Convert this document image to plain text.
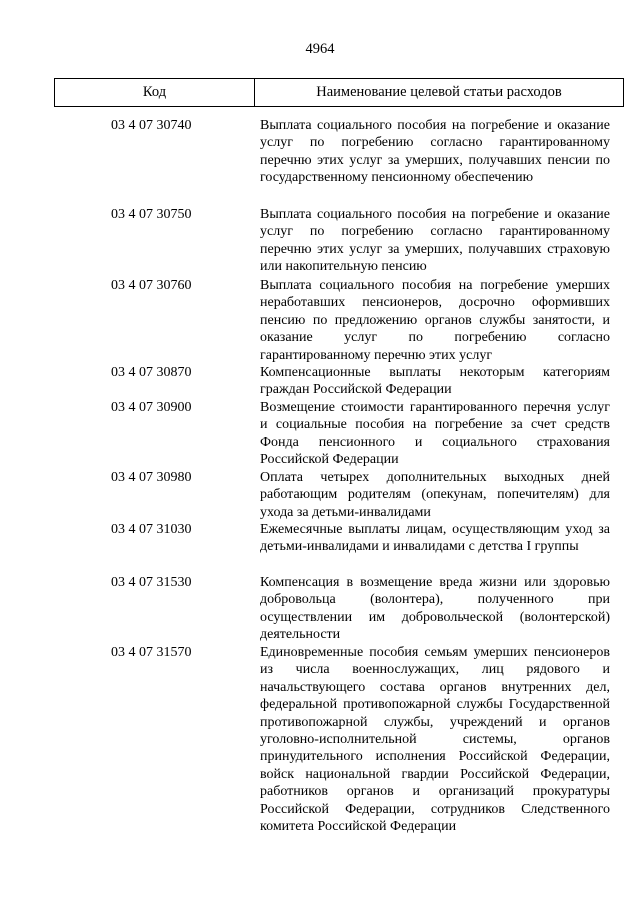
4964
Код	Наименование целевой статьи расходов
03 4 07 30740	Выплата социального пособия на погребение и оказание услуг по погребению согласно гарантированному перечню этих услуг за умерших, получавших пенсии по государственному пенсионному обеспечению
03 4 07 30750	Выплата социального пособия на погребение и оказание услуг по погребению согласно гарантированному перечню этих услуг за умерших, получавших страховую или накопительную пенсию
03 4 07 30760	Выплата социального пособия на погребение умерших неработавших пенсионеров, досрочно оформивших пенсию по предложению органов службы занятости, и оказание услуг по погребению согласно гарантированному перечню этих услуг
03 4 07 30870	Компенсационные выплаты некоторым категориям граждан Российской Федерации
03 4 07 30900	Возмещение стоимости гарантированного перечня услуг и социальные пособия на погребение за счет средств Фонда пенсионного и социального страхования Российской Федерации
03 4 07 30980	Оплата четырех дополнительных выходных дней работающим родителям (опекунам, попечителям) для ухода за детьми-инвалидами
03 4 07 31030	Ежемесячные выплаты лицам, осуществляющим уход за детьми-инвалидами и инвалидами с детства I группы
03 4 07 31530	Компенсация в возмещение вреда жизни или здоровью добровольца (волонтера), полученного при осуществлении им добровольческой (волонтерской) деятельности
03 4 07 31570	Единовременные пособия семьям умерших пенсионеров из числа военнослужащих, лиц рядового и начальствующего состава органов внутренних дел, федеральной противопожарной службы Государственной противопожарной службы, учреждений и органов уголовно-исполнительной системы, органов принудительного исполнения Российской Федерации, войск национальной гвардии Российской Федерации, работников органов и организаций прокуратуры Российской Федерации, сотрудников Следственного комитета Российской Федерации
